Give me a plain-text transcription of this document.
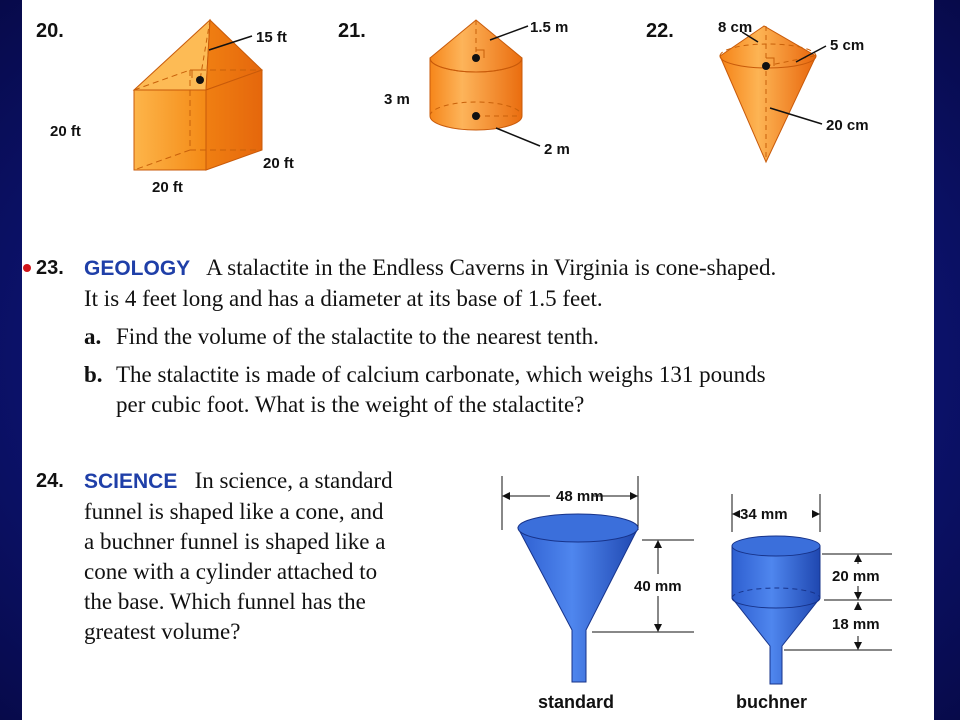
20.	15 ft
20 ft
20 ft
20 ft
21.	1.5 m
3 m
2 m
22.	8 cm
5 cm
20 cm
23. GEOLOGY A stalactite in the Endless Caverns in Virginia is cone-shaped.
It is 4 feet long and has a diameter at its base of 1.5 feet.
a. Find the volume of the stalactite to the nearest tenth.
b. The stalactite is made of calcium carbonate, which weighs 131 pounds
per cubic foot. What is the weight of the stalactite?
24. SCIENCE In science, a standard
funnel is shaped like a cone, and
a buchner funnel is shaped like a
cone with a cylinder attached to
the base. Which funnel has the
greatest volume?
48 mm
40 mm
standard
34 mm
20 mm
18 mm
buchner
